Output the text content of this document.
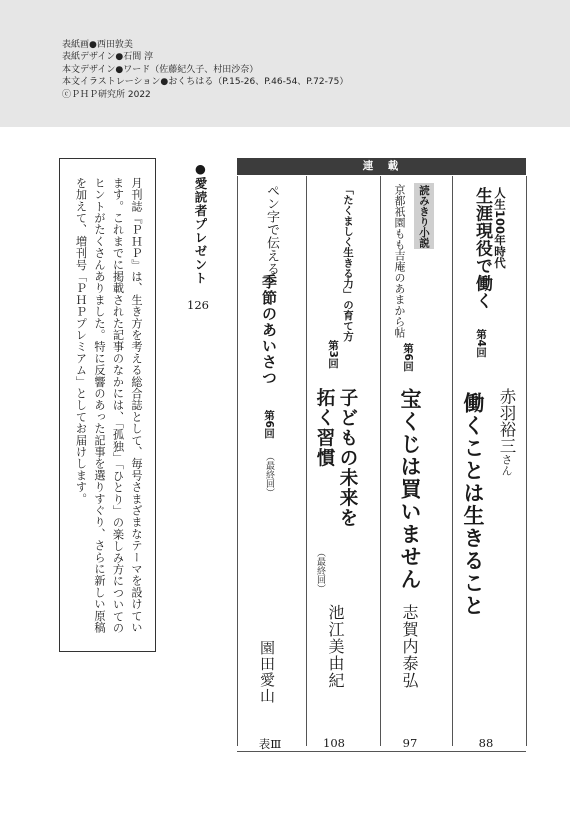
表紙画●西田敦美
表紙デザイン●石間 淳
本文デザイン●ワード（佐藤紀久子、村田沙奈）
本文イラストレーション●おくちはる（P.15-26、P.46-54、P.72-75）
ⓒＰＨＰ研究所 2022
月刊誌『ＰＨＰ』は、生き方を考える総合誌として、毎号さまざまなテーマを設けています。これまでに掲載された記事のなかには、「孤独」「ひとり」の楽しみ方についてのヒントがたくさんありました。特に反響のあった記事を選りすぐり、さらに新しい原稿を加えて、増刊号「ＰＨＰプレミアム」としてお届けします。	●愛読者プレゼント
126
連　載
人生100年時代
生涯現役で働く
第4回
赤羽裕三さん
働くことは生きること
88
読みきり小説
京都祇園もも吉庵のあまから帖
第6回
宝くじは買いません
志賀内泰弘
97
「たくましく生きる力」の育て方
第3回
子どもの未来を
拓く習慣
（最終回）
池江美由紀
108
ペン字で伝える
季節のあいさつ
第6回
（最終回）
園田愛山
表Ⅲ
